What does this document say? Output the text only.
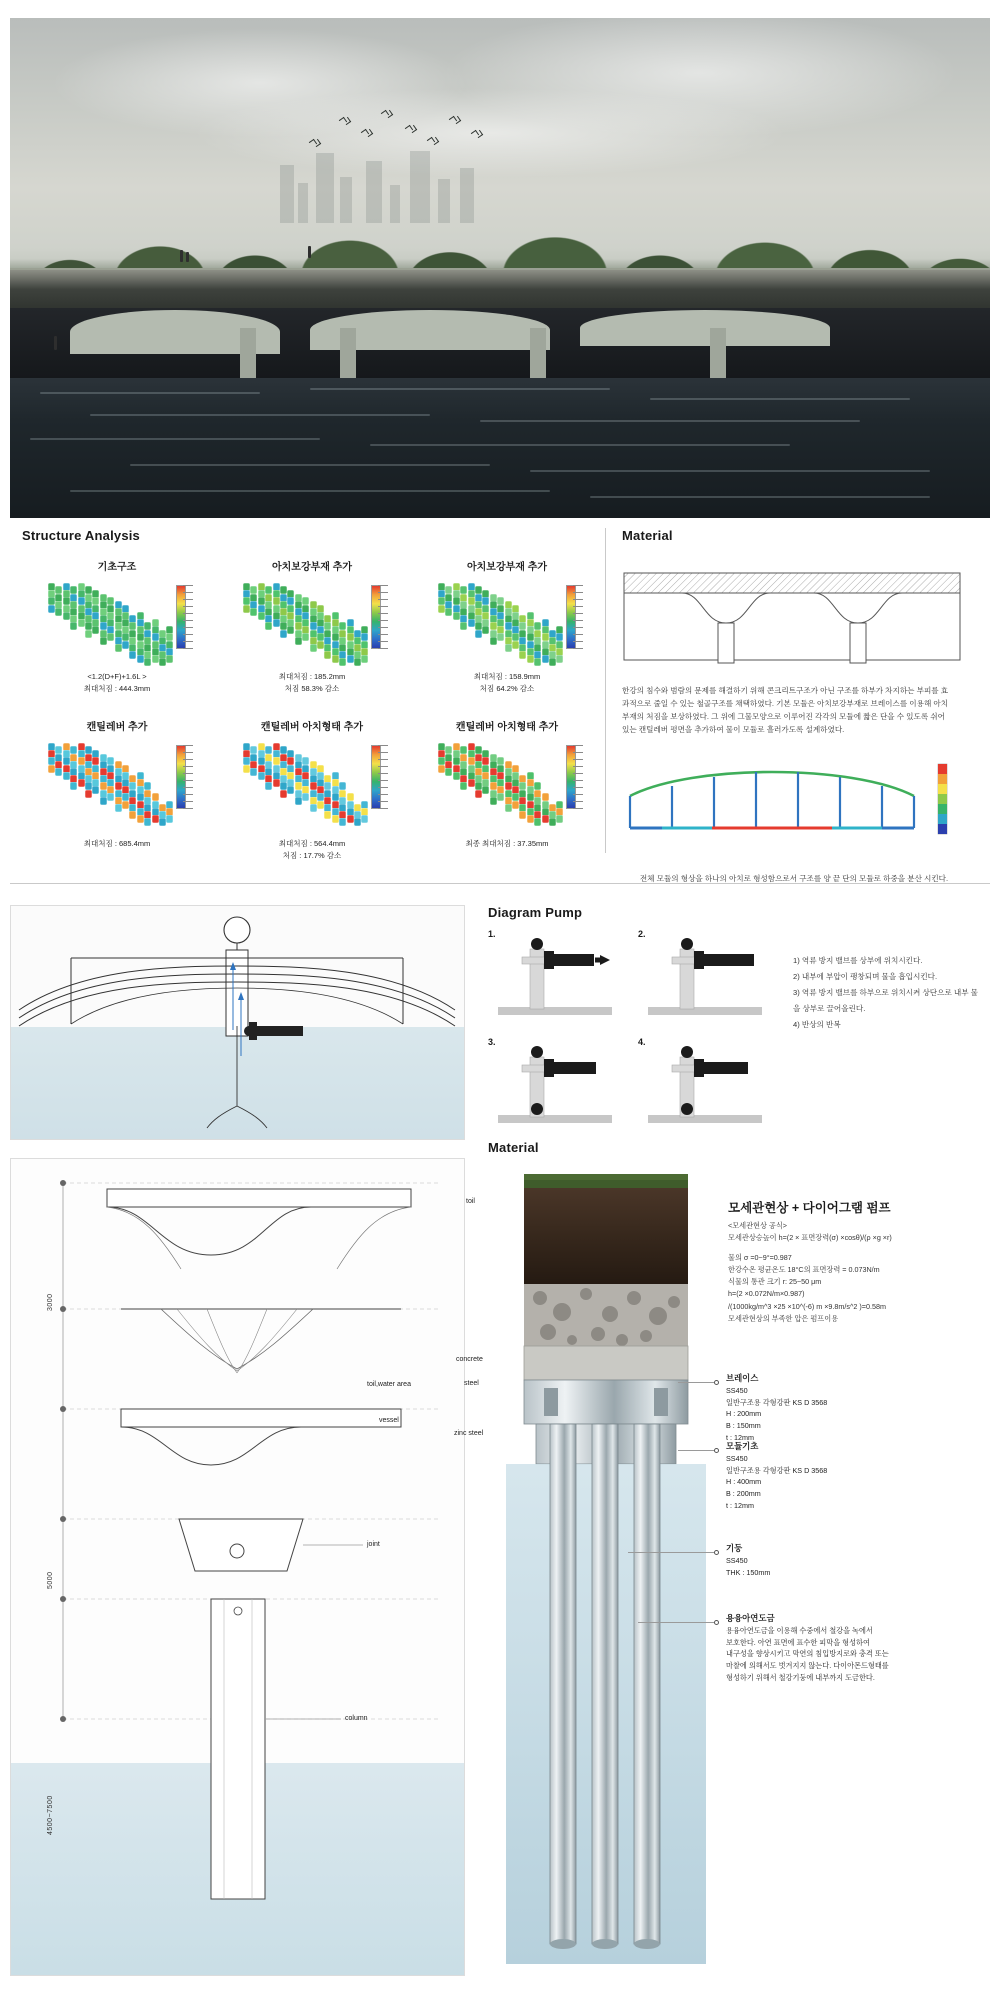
Structure Analysis
기초구조
<1.2(D+F)+1.6L >
최대처짐 : 444.3mm
아치보강부재 추가
최대처짐 : 185.2mm
처짐 58.3% 감소
아치보강부재 추가
최대처짐 : 158.9mm
처짐 64.2% 감소
캔틸레버 추가
최대처짐 : 685.4mm
캔틸레버 아치형태 추가
최대처짐 : 564.4mm
처짐 : 17.7% 감소
캔틸레버 아치형태 추가
최종 최대처짐 : 37.35mm
Material
한강의 침수와 범람의 문제를 해결하기 위해 콘크리트구조가 아닌 구조를 하부가 차지하는 부피를 효과적으로 줄일 수 있는 철골구조를 채택하였다. 기본 모듈은 아치보강부재로 브레이스를 이용해 아치부재의 처짐을 보상하였다. 그 위에 그물모양으로 이루어진 각각의 모듈에 짧은 단을 수 있도록 쉬어있는 캔틸레버 평면을 추가하여 물이 모듈로 흘러가도록 설계하였다.
전체 모듈의 형상을 하나의 아치로 형성함으로서 구조를 양 끝 단의 모듈로 하중을 분산 시킨다.
Diagram Pump
1.	2.
3.	4.
1) 역류 방지 밸브를 상부에 위치시킨다.
2) 내부에 부압이 팽창되며 물을 흡입시킨다.
3) 역류 방지 밸브를 하부으로 위치시켜 상단으로 내부 물을 상부로 끌어올린다.
4) 반상의 반복
3000
5000
4500~7500
toil,water area
vessel
joint
column
Material
toil
concrete
steel
zinc steel
모세관현상 + 다이어그램 펌프
<모세관현상 공식>
모세관상승높이 h=(2 × 표면장력(σ) ×cosθ)/(ρ ×g ×r)
물의 σ =0~9°=0.987
한강수온 평균온도 18°C의 표면장력 = 0.073N/m
식물의 통관 크기 r: 25~50 μm
h=(2 ×0.072N/m×0.987)
/(1000kg/m^3 ×25 ×10^(-6) m ×9.8m/s^2 )=0.58m
모세관현상의 부족한 압은 펌프이용
브레이스
SS450
일반구조용 각형강판 KS D 3568
H : 200mm
B : 150mm
t : 12mm
모듈기초
SS450
일반구조용 각형강판 KS D 3568
H : 400mm
B : 200mm
t : 12mm
기둥
SS450
THK : 150mm
용융아연도금
용융아연도금을 이용해 수중에서 철강을 녹에서
보호한다. 아연 표면에 표수한 피막을 형성하여
내구성을 향상시키고 막연의 침입방지로와 충격 또는
마찰에 의해서도 벗겨지지 않는다. 다이아몬드형태를
형성하기 위해서 철강기둥에 내부까지 도금한다.
